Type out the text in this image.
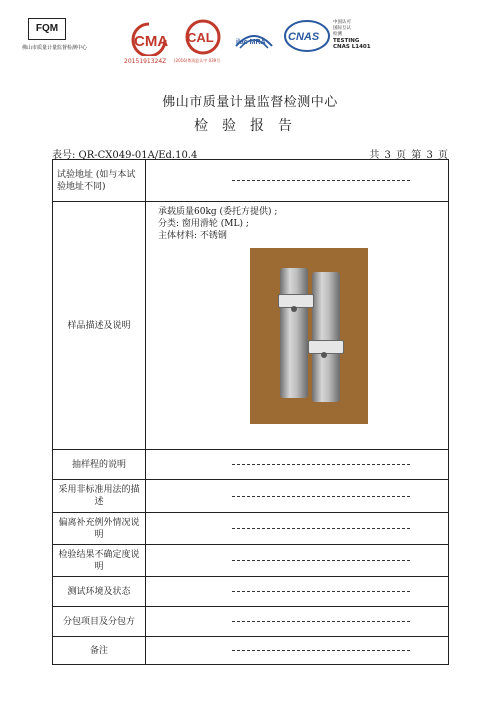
FQM
佛山市质量计量监督检测中心	CMA
2015191324Z
CAL
(2016)粤质监认字 039号
ilac MRA CNAS
中国认可
国际互认
检测
TESTING
CNAS L1401
佛山市质量计量监督检测中心
检验报告
表号: QR-CX049-01A/Ed.10.4	共 3 页 第 3 页
试验地址 (如与本试验地址不同)	

样品描述及说明	承载质量60kg (委托方提供) ;
分类: 窗用滑轮 (ML) ;
主体材料: 不锈钢

抽样程的说明	

采用非标准用法的描述	

偏离补充例外情况说明	

检验结果不确定度说明	

测试环境及状态	

分包项目及分包方	

备注	
